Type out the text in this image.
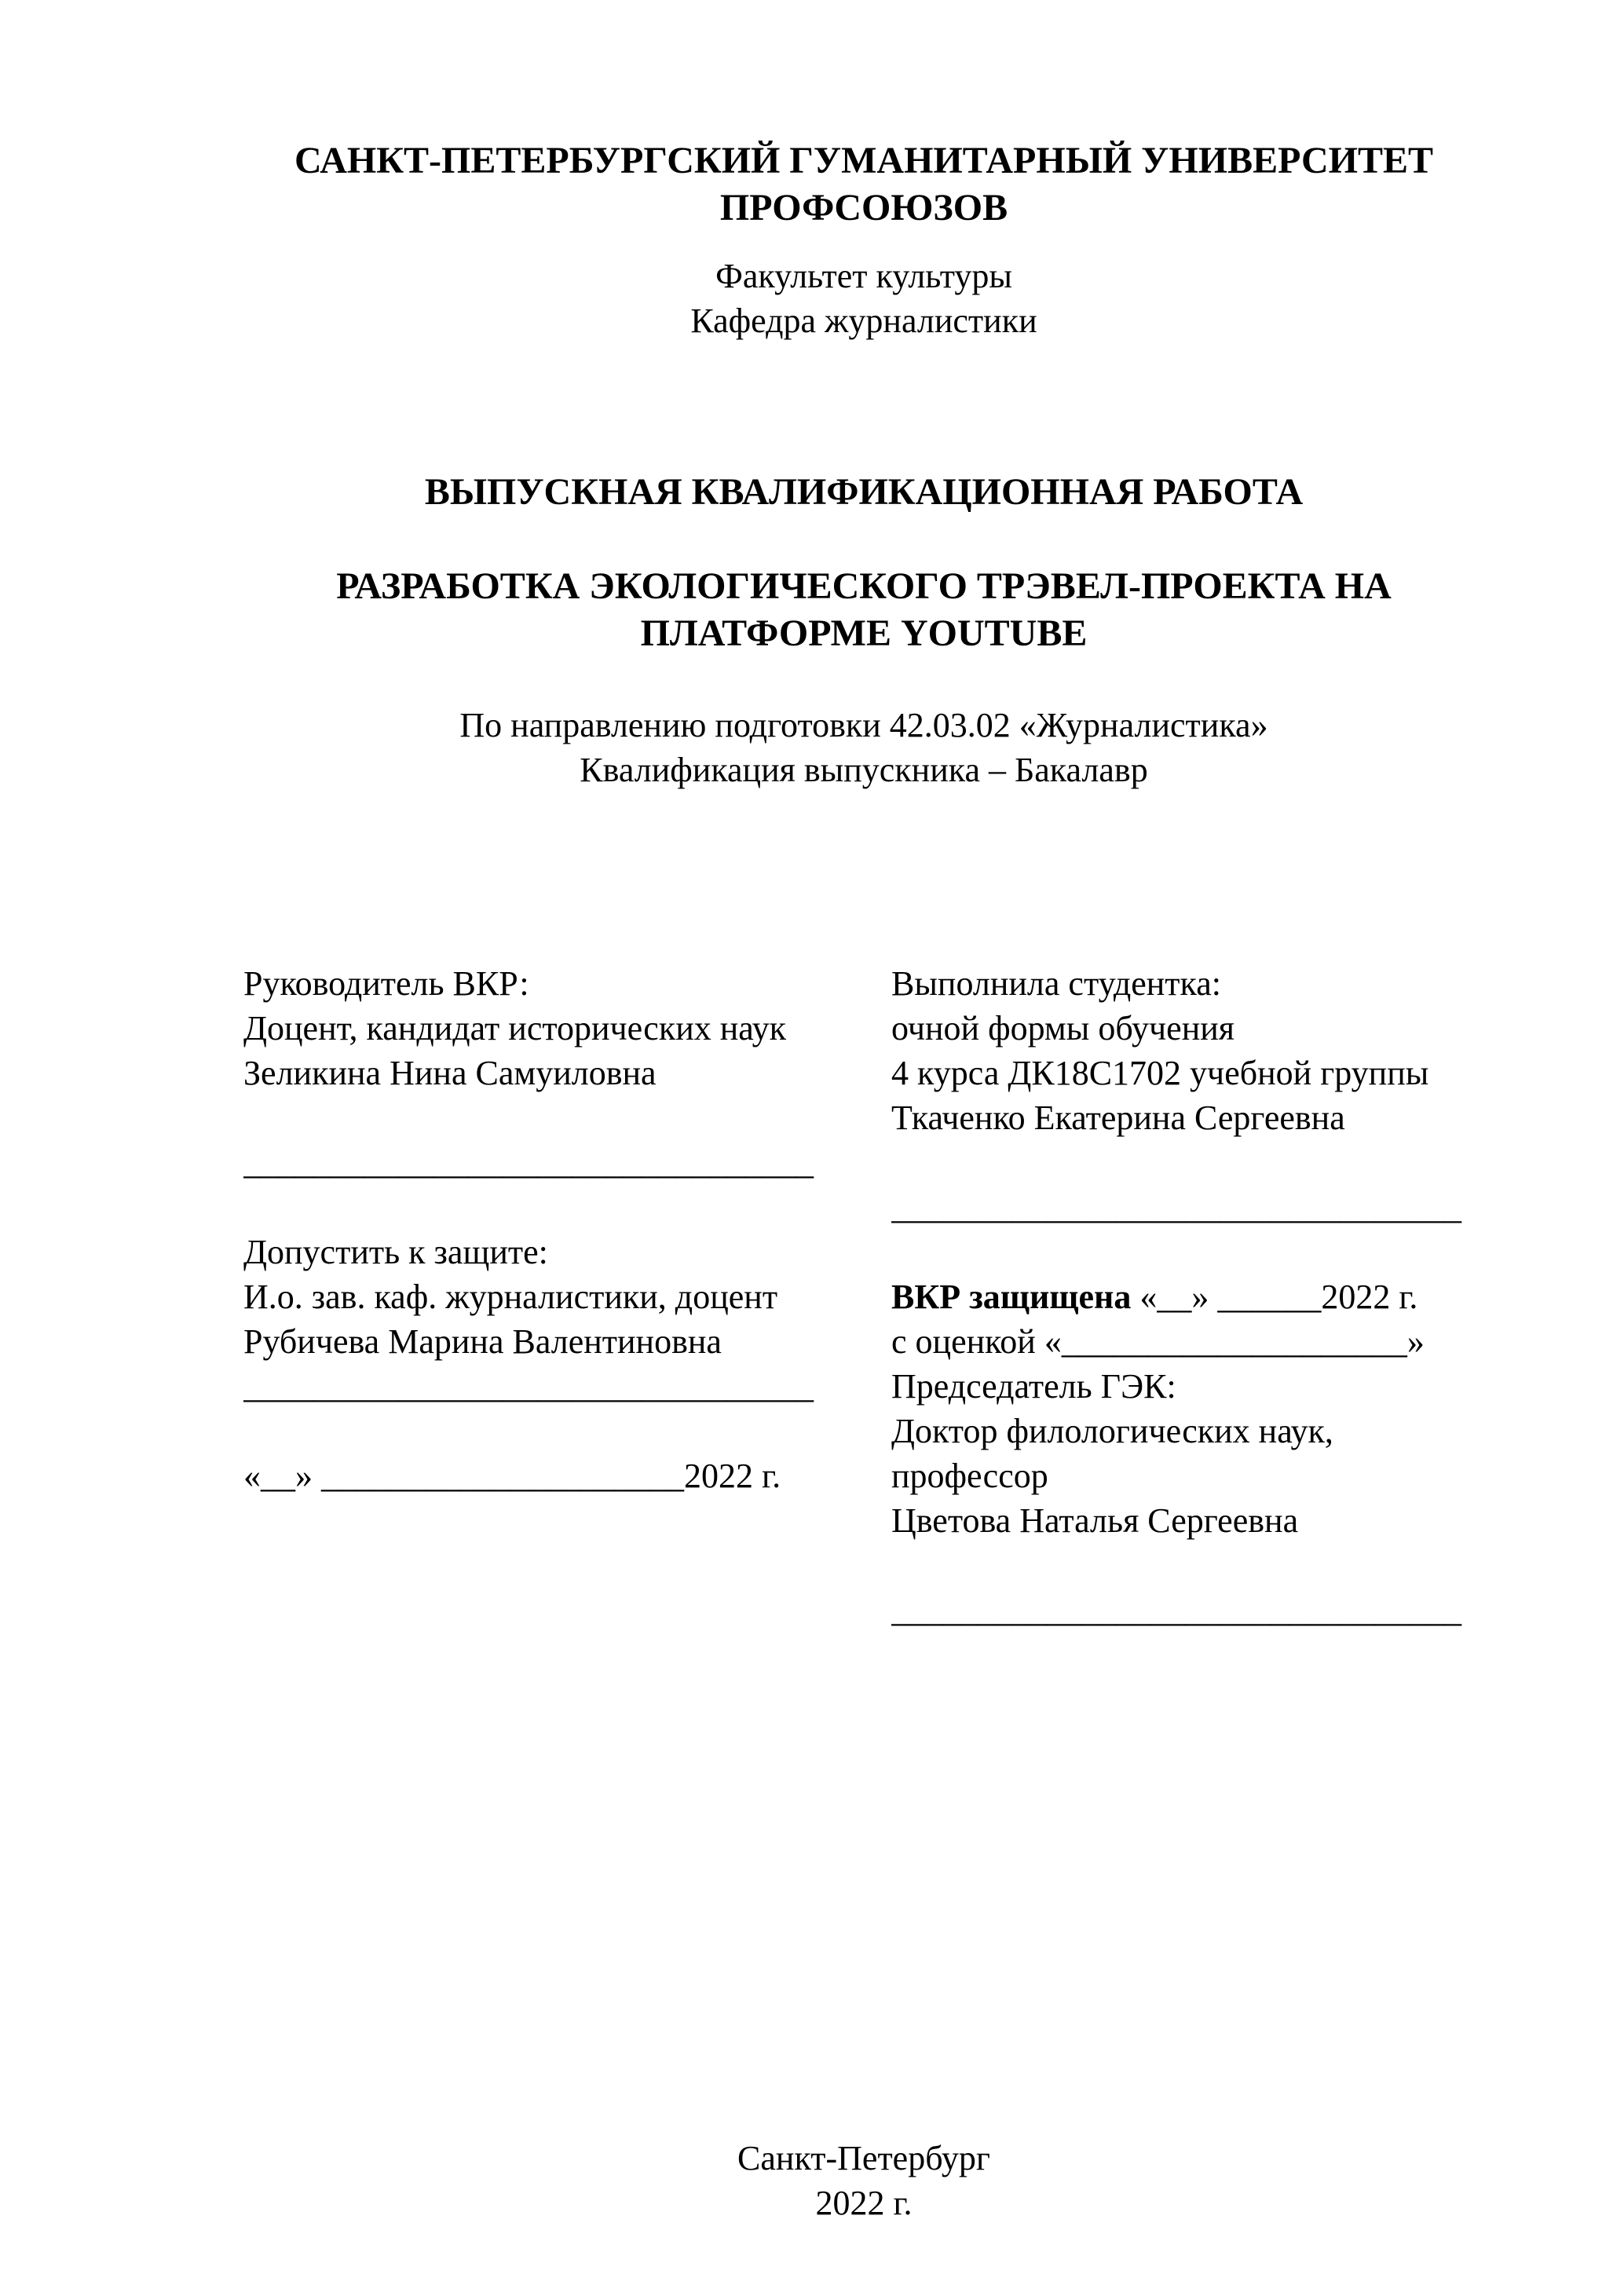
САНКТ-ПЕТЕРБУРГСКИЙ ГУМАНИТАРНЫЙ УНИВЕРСИТЕТ ПРОФСОЮЗОВ
Факультет культуры
Кафедра журналистики
ВЫПУСКНАЯ КВАЛИФИКАЦИОННАЯ РАБОТА
РАЗРАБОТКА ЭКОЛОГИЧЕСКОГО ТРЭВЕЛ-ПРОЕКТА НА ПЛАТФОРМЕ YOUTUBE
По направлению подготовки 42.03.02 «Журналистика»
Квалификация выпускника – Бакалавр
Руководитель ВКР:
Доцент, кандидат исторических наук
Зеликина Нина Самуиловна
_________________________________
Допустить к защите:
И.о. зав. каф. журналистики, доцент
Рубичева Марина Валентиновна
_________________________________
«__» _____________________2022 г.
Выполнила студентка:
очной формы обучения
4 курса ДК18С1702 учебной группы
Ткаченко Екатерина Сергеевна
_________________________________
ВКР защищена «__» ______2022 г.
с оценкой «____________________»
Председатель ГЭК:
Доктор филологических наук,
профессор
Цветова Наталья Сергеевна
_________________________________
Санкт-Петербург
2022 г.
